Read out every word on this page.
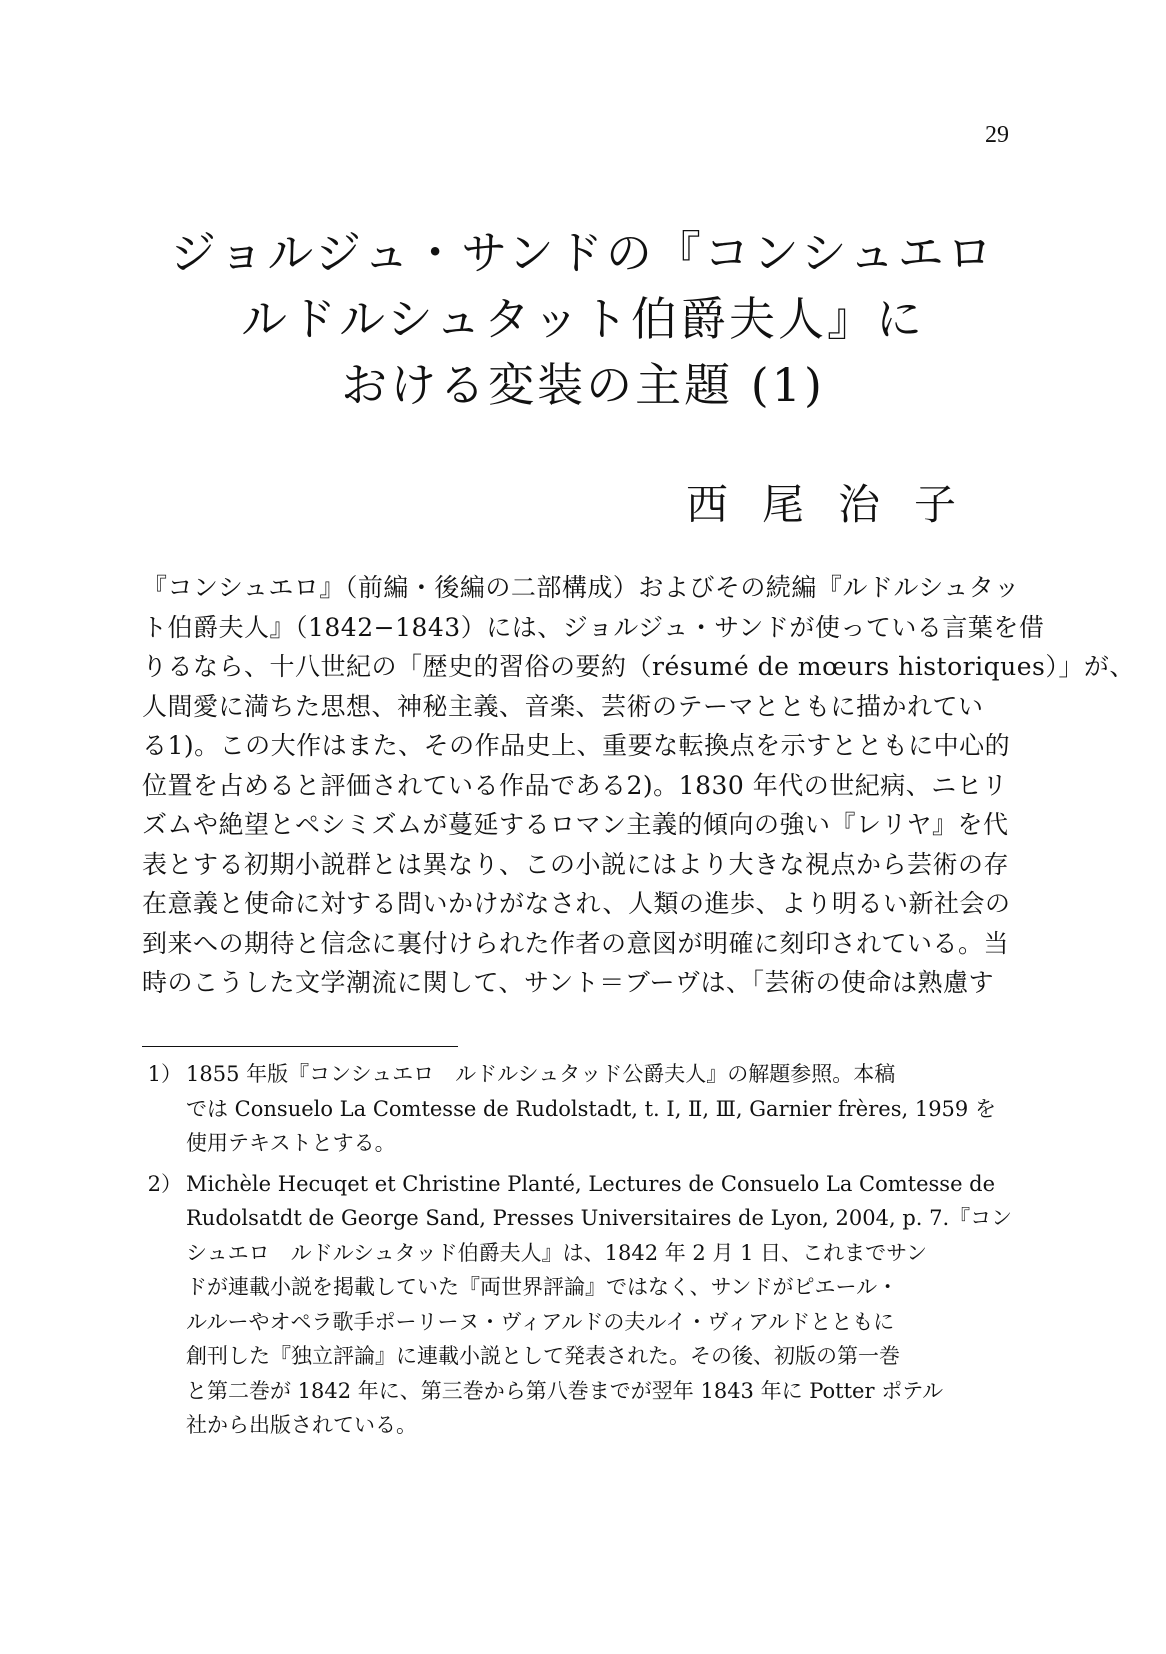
29
ジョルジュ・サンドの『コンシュエロ
ルドルシュタット伯爵夫人』に
おける変装の主題 (1)
西尾治子
『コンシュエロ』（前編・後編の二部構成）およびその続編『ルドルシュタッ
ト伯爵夫人』（1842−1843）には、ジョルジュ・サンドが使っている言葉を借
りるなら、十八世紀の「歴史的習俗の要約（résumé de mœurs historiques）」が、
人間愛に満ちた思想、神秘主義、音楽、芸術のテーマとともに描かれてい
る1)。この大作はまた、その作品史上、重要な転換点を示すとともに中心的
位置を占めると評価されている作品である2)。1830 年代の世紀病、ニヒリ
ズムや絶望とペシミズムが蔓延するロマン主義的傾向の強い『レリヤ』を代
表とする初期小説群とは異なり、この小説にはより大きな視点から芸術の存
在意義と使命に対する問いかけがなされ、人類の進歩、より明るい新社会の
到来への期待と信念に裏付けられた作者の意図が明確に刻印されている。当
時のこうした文学潮流に関して、サント＝ブーヴは、「芸術の使命は熟慮す
1） 1855 年版『コンシュエロ　ルドルシュタッド公爵夫人』の解題参照。本稿
では Consuelo La Comtesse de Rudolstadt, t. Ⅰ, Ⅱ, Ⅲ, Garnier frères, 1959 を
使用テキストとする。
2） Michèle Hecuqet et Christine Planté, Lectures de Consuelo La Comtesse de
Rudolsatdt de George Sand, Presses Universitaires de Lyon, 2004, p. 7.『コン
シュエロ　ルドルシュタッド伯爵夫人』は、1842 年 2 月 1 日、これまでサン
ドが連載小説を掲載していた『両世界評論』ではなく、サンドがピエール・
ルルーやオペラ歌手ポーリーヌ・ヴィアルドの夫ルイ・ヴィアルドとともに
創刊した『独立評論』に連載小説として発表された。その後、初版の第一巻
と第二巻が 1842 年に、第三巻から第八巻までが翌年 1843 年に Potter ポテル
社から出版されている。
